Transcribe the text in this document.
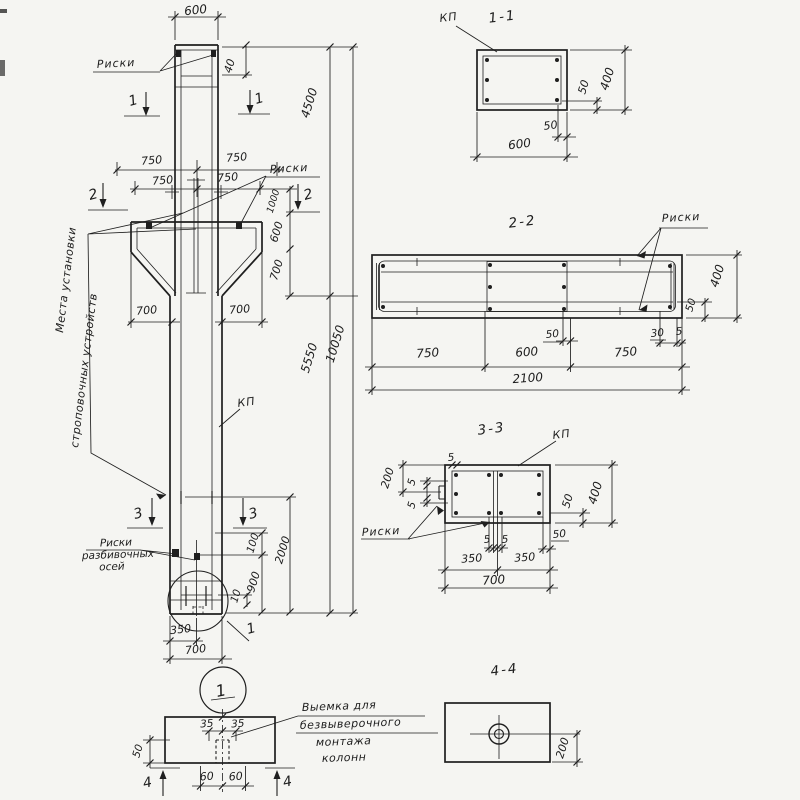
600
40
4500
5550 10050
750	750
750	750
1000
600
700
700	700
2000
100
900
10
350
700
1	1
2	2
3	3
Риски
Риски
КП
Риски
разбивочных
осей
Места установки
строповочных устройств
1
1
1-1
КП
400
50
50
600
2-2	Риски
400
50
50	30 5
750	600	750
2100
3-3	КП
Риски
200
5
5
5	50 400
5 5	50
350	350
700
4-4
200
35 35
50
60 60
4	4
Выемка для
безвыверочного
монтажа
колонн
